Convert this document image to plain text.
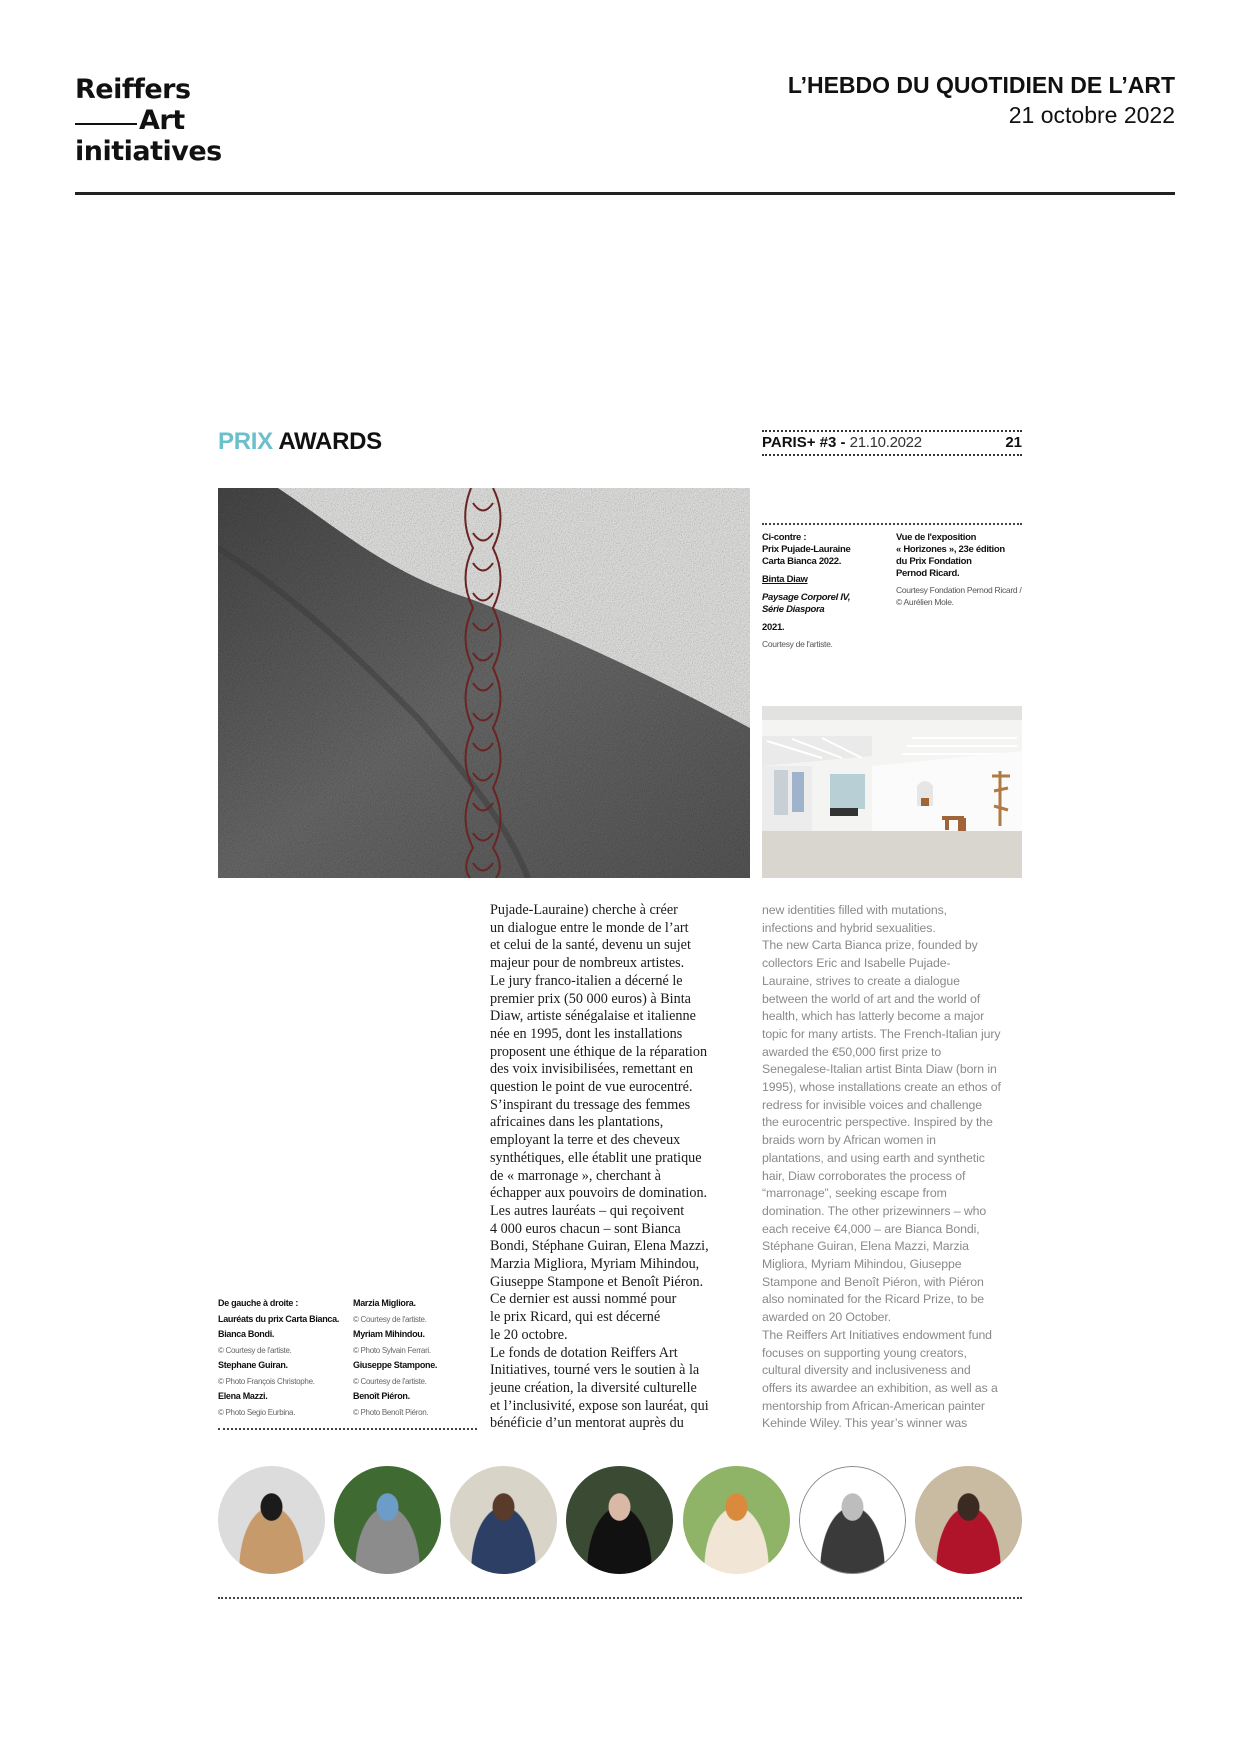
Reiffers
Art
initiatives
L’HEBDO DU QUOTIDIEN DE L’ART
21 octobre 2022
PRIX AWARDS	PARIS+ #3 - 21.10.2022	21
Ci-contre :
Prix Pujade-Lauraine
Carta Bianca 2022.
Binta Diaw
Paysage Corporel IV,
Série Diaspora
2021.
Courtesy de l'artiste.
Vue de l'exposition
« Horizones », 23e édition
du Prix Fondation
Pernod Ricard.
Courtesy Fondation Pernod Ricard / © Aurélien Mole.

Pujade-Lauraine) cherche à créer

un dialogue entre le monde de l’art

et celui de la santé, devenu un sujet

majeur pour de nombreux artistes.

Le jury franco-italien a décerné le

premier prix (50 000 euros) à Binta

Diaw, artiste sénégalaise et italienne

née en 1995, dont les installations

proposent une éthique de la réparation

des voix invisibilisées, remettant en

question le point de vue eurocentré.

S’inspirant du tressage des femmes

africaines dans les plantations,

employant la terre et des cheveux

synthétiques, elle établit une pratique

de « marronage », cherchant à

échapper aux pouvoirs de domination.

Les autres lauréats – qui reçoivent

4 000 euros chacun – sont Bianca

Bondi, Stéphane Guiran, Elena Mazzi,

Marzia Migliora, Myriam Mihindou,

Giuseppe Stampone et Benoît Piéron.

Ce dernier est aussi nommé pour

le prix Ricard, qui est décerné

le 20 octobre.

Le fonds de dotation Reiffers Art

Initiatives, tourné vers le soutien à la

jeune création, la diversité culturelle

et l’inclusivité, expose son lauréat, qui

bénéficie d’un mentorat auprès du

new identities filled with mutations,

infections and hybrid sexualities.

The new Carta Bianca prize, founded by

collectors Eric and Isabelle Pujade-

Lauraine, strives to create a dialogue

between the world of art and the world of

health, which has latterly become a major

topic for many artists. The French-Italian jury

awarded the €50,000 first prize to

Senegalese-Italian artist Binta Diaw (born in

1995), whose installations create an ethos of

redress for invisible voices and challenge

the eurocentric perspective. Inspired by the

braids worn by African women in

plantations, and using earth and synthetic

hair, Diaw corroborates the process of

“marronage”, seeking escape from

domination. The other prizewinners – who

each receive €4,000 – are Bianca Bondi,

Stéphane Guiran, Elena Mazzi, Marzia

Migliora, Myriam Mihindou, Giuseppe

Stampone and Benoît Piéron, with Piéron

also nominated for the Ricard Prize, to be

awarded on 20 October.

The Reiffers Art Initiatives endowment fund

focuses on supporting young creators,

cultural diversity and inclusiveness and

offers its awardee an exhibition, as well as a

mentorship from African-American painter

Kehinde Wiley. This year’s winner was

De gauche à droite :
Lauréats du prix Carta Bianca.
Bianca Bondi.
© Courtesy de l'artiste.
Stephane Guiran.
© Photo François Christophe.
Elena Mazzi.
© Photo Segio Eurbina.
Marzia Migliora.
© Courtesy de l'artiste.
Myriam Mihindou.
© Photo Sylvain Ferrari.
Giuseppe Stampone.
© Courtesy de l'artiste.
Benoît Piéron.
© Photo Benoît Piéron.
